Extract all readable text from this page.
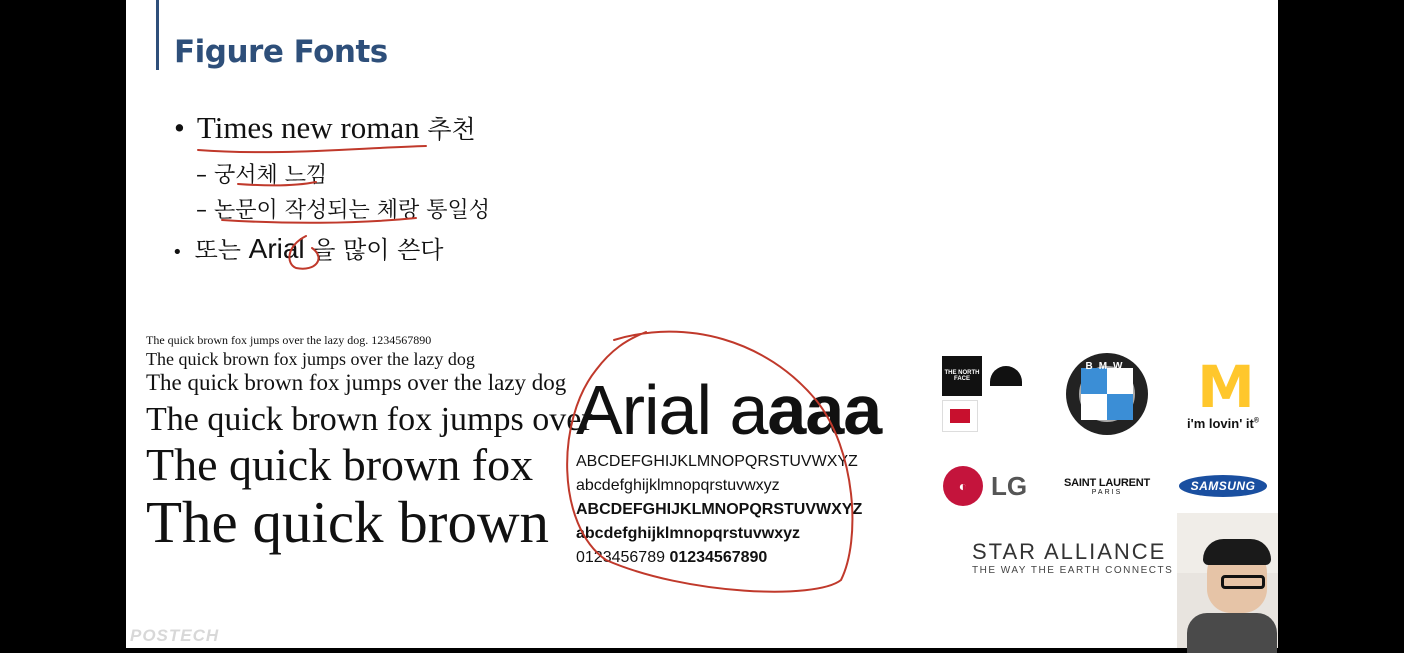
Figure Fonts
• Times new roman 추천
– 궁서체 느낌
– 논문이 작성되는 체랑 통일성
• 또는 Arial 을 많이 쓴다
The quick brown fox jumps over the lazy dog. 1234567890
The quick brown fox jumps over the lazy dog
The quick brown fox jumps over the lazy dog
The quick brown fox jumps over
The quick brown fox
The quick brown
Arial aaaa
ABCDEFGHIJKLMNOPQRSTUVWXYZ
abcdefghijklmnopqrstuvwxyz
ABCDEFGHIJKLMNOPQRSTUVWXYZ
abcdefghijklmnopqrstuvwxyz
0123456789 01234567890
THE NORTH FACE
BMW	M
i'm lovin' it®
◐ LG	SAINT LAURENT
PARIS	SAMSUNG
STAR ALLIANCE
THE WAY THE EARTH CONNECTS
POSTECH
